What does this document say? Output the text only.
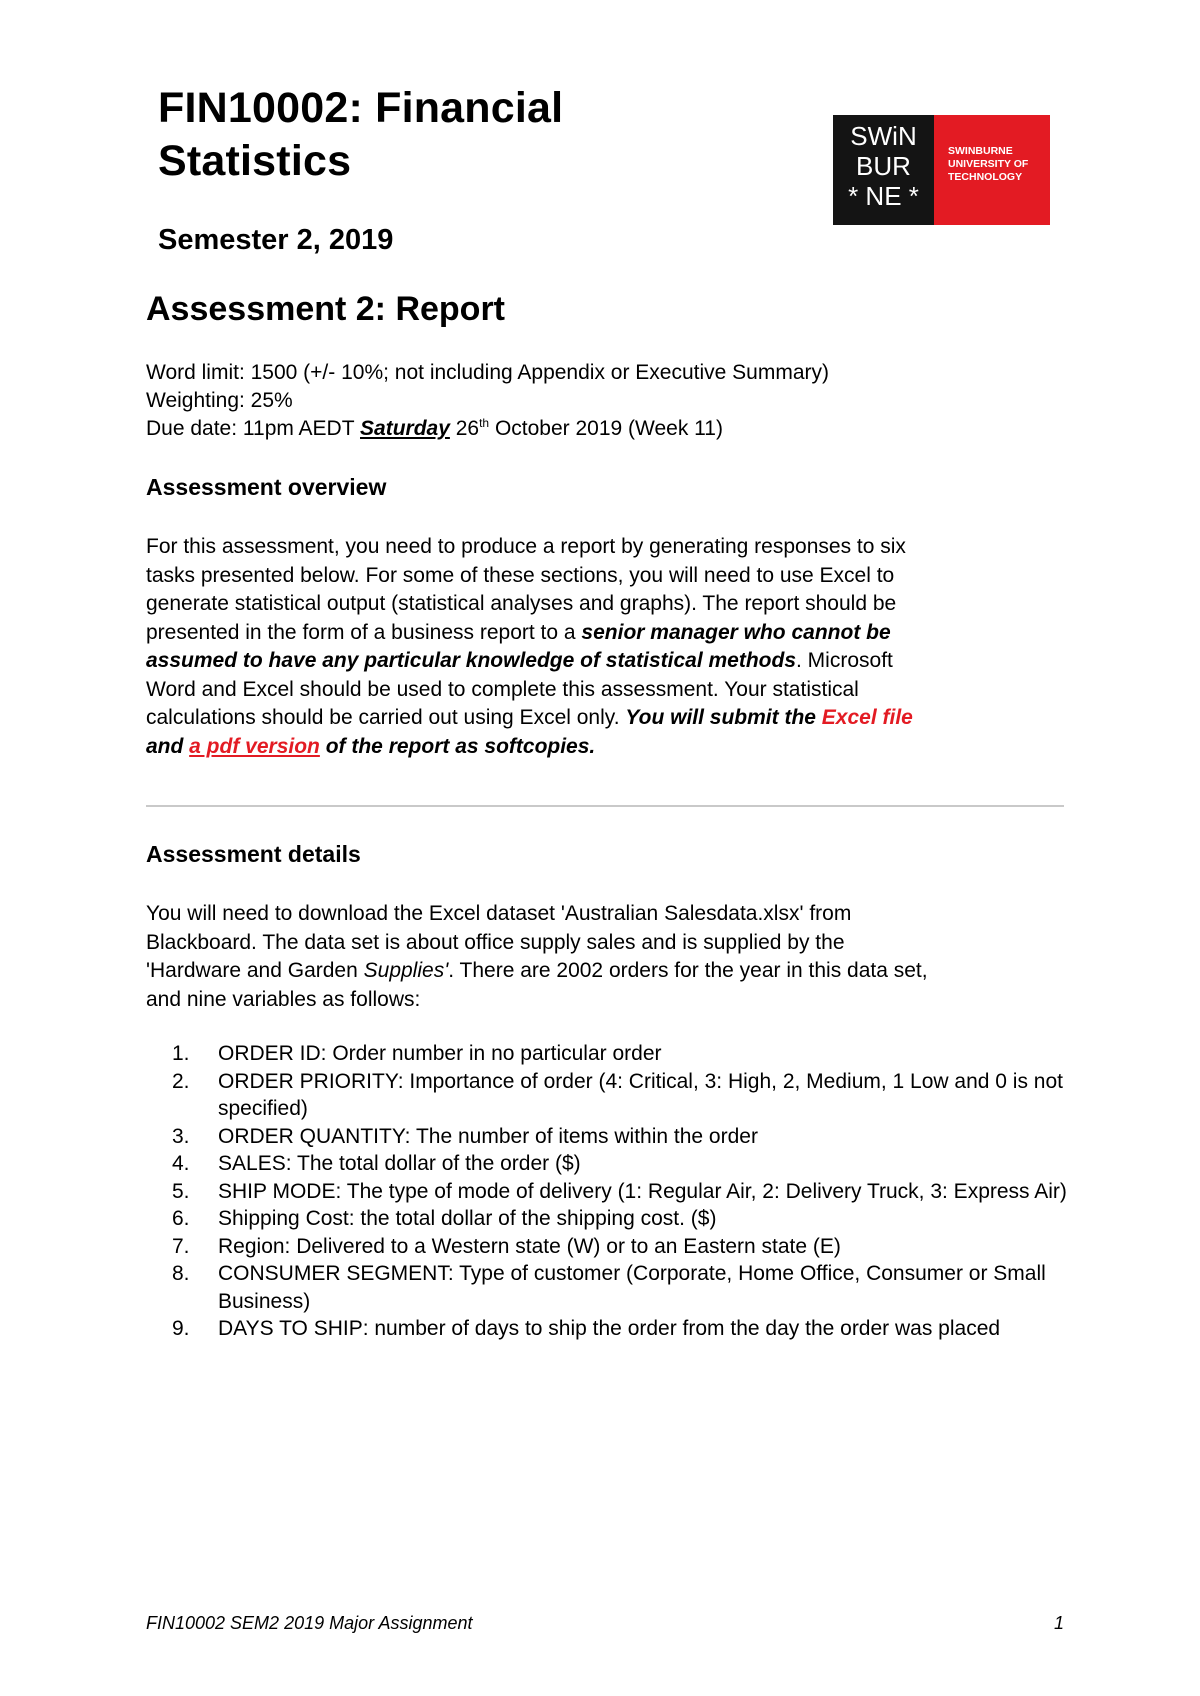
FIN10002: Financial
Statistics
Semester 2, 2019
SWiN
BUR
* NE *
SWINBURNE
UNIVERSITY OF
TECHNOLOGY
Assessment 2: Report
Word limit: 1500 (+/- 10%; not including Appendix or Executive Summary)
Weighting: 25%
Due date: 11pm AEDT Saturday 26th October 2019 (Week 11)
Assessment overview
For this assessment, you need to produce a report by generating responses to six
tasks presented below. For some of these sections, you will need to use Excel to
generate statistical output (statistical analyses and graphs). The report should be
presented in the form of a business report to a senior manager who cannot be
assumed to have any particular knowledge of statistical methods. Microsoft
Word and Excel should be used to complete this assessment. Your statistical
calculations should be carried out using Excel only. You will submit the Excel file
and a pdf version of the report as softcopies.
Assessment details
You will need to download the Excel dataset 'Australian Salesdata.xlsx' from
Blackboard. The data set is about office supply sales and is supplied by the
'Hardware and Garden Supplies'. There are 2002 orders for the year in this data set,
and nine variables as follows:
1.	ORDER ID: Order number in no particular order
2.	ORDER PRIORITY: Importance of order (4: Critical, 3: High, 2, Medium, 1 Low and 0 is not specified)
3.	ORDER QUANTITY: The number of items within the order
4.	SALES: The total dollar of the order ($)
5.	SHIP MODE: The type of mode of delivery (1: Regular Air, 2: Delivery Truck, 3: Express Air)
6.	Shipping Cost: the total dollar of the shipping cost. ($)
7.	Region: Delivered to a Western state (W) or to an Eastern state (E)
8.	CONSUMER SEGMENT: Type of customer (Corporate, Home Office, Consumer or Small Business)
9.	DAYS TO SHIP: number of days to ship the order from the day the order was placed
FIN10002 SEM2 2019 Major Assignment	1
